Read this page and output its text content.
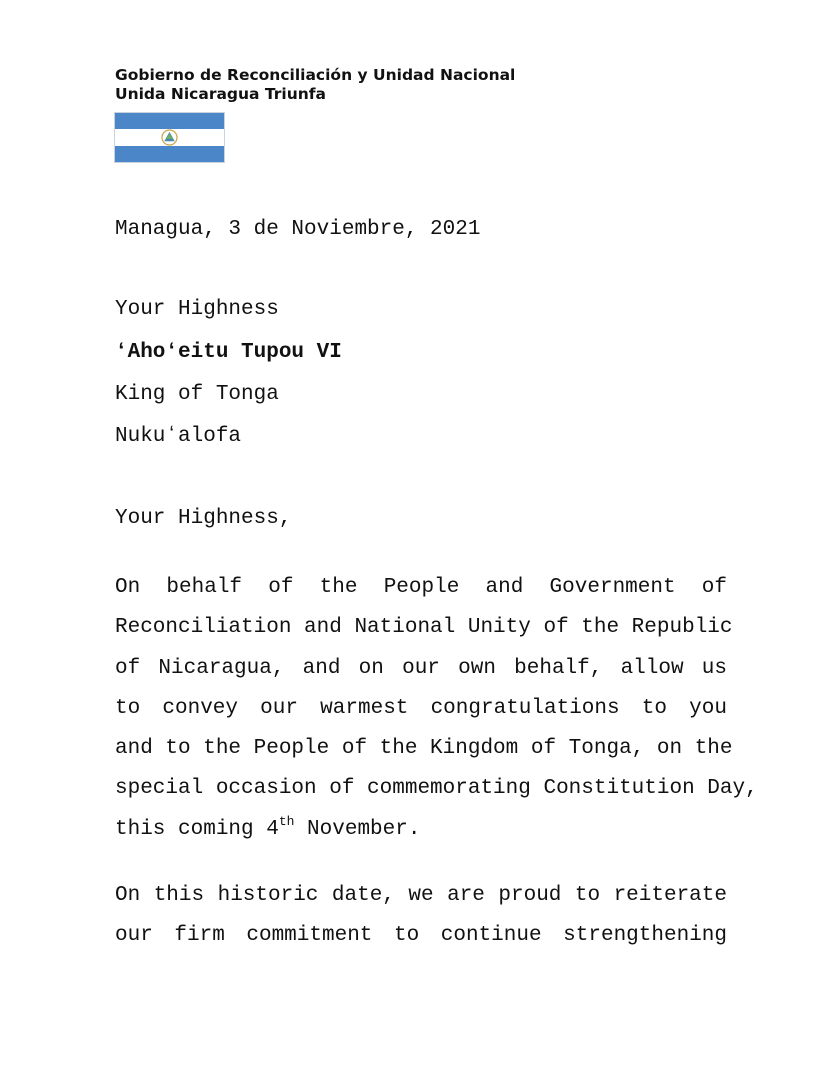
Gobierno de Reconciliación y Unidad Nacional
Unida Nicaragua Triunfa
Managua, 3 de Noviembre, 2021
Your Highness
ʻAhoʻeitu Tupou VI
King of Tonga
Nukuʻalofa
Your Highness,
On behalf of the People and Government of
Reconciliation and National Unity of the Republic
of Nicaragua, and on our own behalf, allow us
to convey our warmest congratulations to you
and to the People of the Kingdom of Tonga, on the
special occasion of commemorating Constitution Day,
this coming 4th November.
On this historic date, we are proud to reiterate
our firm commitment to continue strengthening
